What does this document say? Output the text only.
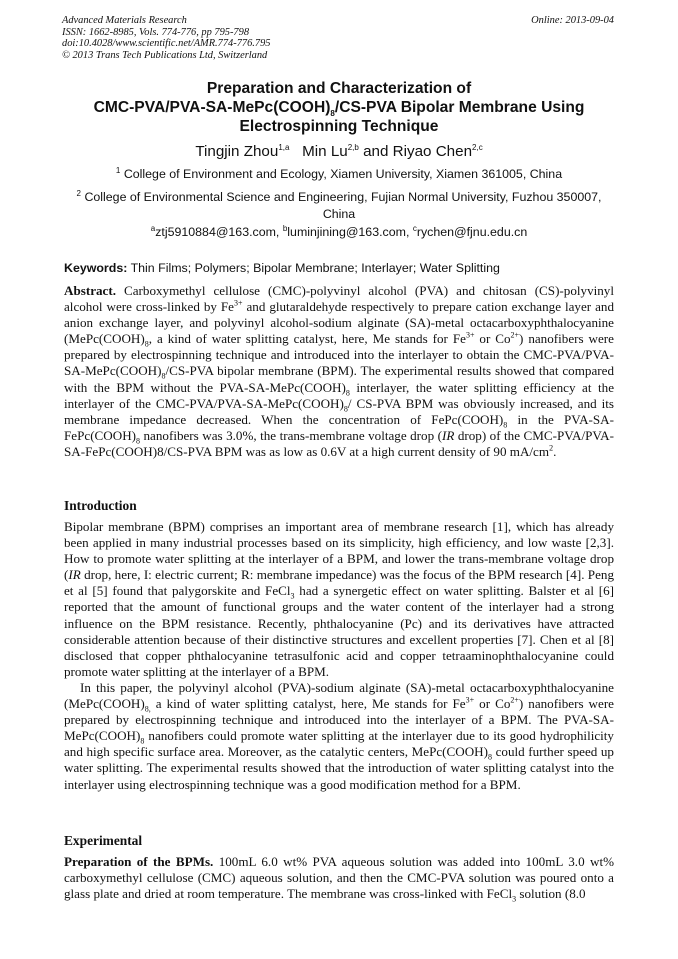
Advanced Materials Research
ISSN: 1662-8985, Vols. 774-776, pp 795-798
doi:10.4028/www.scientific.net/AMR.774-776.795
© 2013 Trans Tech Publications Ltd, Switzerland
Online: 2013-09-04
Preparation and Characterization of
CMC-$PVA/PVA-SA-MePc(COOH)_8/CS$-PVA Bipolar Membrane Using
Electrospinning Technique
Tingjin Zhou$^{1,a}$ Min Lu$^{2,b}$ and Riyao Chen$^{2,c}$
$^1$ College of Environment and Ecology, Xiamen University, Xiamen 361005, China
$^2$ College of Environmental Science and Engineering, Fujian Normal University, Fuzhou 350007, China
$^a$ztj5910884@163.com, $^b$luminjining@163.com, $^c$rychen@fjnu.edu.cn
Keywords: Thin Films; Polymers; Bipolar Membrane; Interlayer; Water Splitting

Abstract. Carboxymethyl cellulose (CMC)-polyvinyl alcohol (PVA) and chitosan (CS)-polyvinyl alcohol were cross-linked by $Fe^{3+}$ and glutaraldehyde respectively to prepare cation exchange layer and anion exchange layer, and polyvinyl alcohol-sodium alginate (SA)-metal octacarboxyphthalocyanine ($MePc(COOH)_8$, a kind of water splitting catalyst, here, Me stands for $Fe^{3+}$ or $Co^{2+}$) nanofibers were prepared by electrospinning technique and introduced into the interlayer to obtain the CMC-$PVA/PVA-SA-MePc(COOH)_8/CS$-PVA bipolar membrane (BPM). The experimental results showed that compared with the BPM without the PVA-$SA-MePc(COOH)_8$ interlayer, the water splitting efficiency at the interlayer of the CMC-$PVA/PVA-SA-MePc(COOH)_8/$ CS-PVA BPM was obviously increased, and its membrane impedance decreased. When the concentration of $FePc(COOH)_8$ in the PVA-$SA-FePc(COOH)_8$ nanofibers was 3.0%, the trans-membrane voltage drop (IR drop) of the CMC-PVA/PVA-SA-FePc(COOH)8/CS-PVA BPM was as low as 0.6V at a high current density of 90 $mA/cm^2$.

Introduction

Bipolar membrane (BPM) comprises an important area of membrane research [1], which has already been applied in many industrial processes based on its simplicity, high efficiency, and low waste [2,3]. How to promote water splitting at the interlayer of a BPM, and lower the trans-membrane voltage drop (IR drop, here, I: electric current; R: membrane impedance) was the focus of the BPM research [4]. Peng et al [5] found that palygorskite and FeCl$_3$ had a synergetic effect on water splitting. Balster et al [6] reported that the amount of functional groups and the water content of the interlayer had a strong influence on the BPM resistance. Recently, phthalocyanine (Pc) and its derivatives have attracted considerable attention because of their distinctive structures and excellent properties [7]. Chen et al [8] disclosed that copper phthalocyanine tetrasulfonic acid and copper tetraaminophthalocyanine could promote water splitting at the interlayer of a BPM.

In this paper, the polyvinyl alcohol (PVA)-sodium alginate (SA)-metal octacarboxyphthalocyanine ($MePc(COOH)_{8,}$ a kind of water splitting catalyst, here, Me stands for $Fe^{3+}$ or $Co^{2+}$) nanofibers were prepared by electrospinning technique and introduced into the interlayer of a BPM. The PVA-$SA-MePc(COOH)_8$ nanofibers could promote water splitting at the interlayer due to its good hydrophilicity and high specific surface area. Moreover, as the catalytic centers, $MePc(COOH)_8$ could further speed up water splitting. The experimental results showed that the introduction of water splitting catalyst into the interlayer using electrospinning technique was a good modification method for a BPM.

Experimental

Preparation of the BPMs. 100mL 6.0 wt% PVA aqueous solution was added into 100mL 3.0 wt% carboxymethyl cellulose (CMC) aqueous solution, and then the CMC-PVA solution was poured onto a glass plate and dried at room temperature. The membrane was cross-linked with FeCl$_3$ solution (8.0
